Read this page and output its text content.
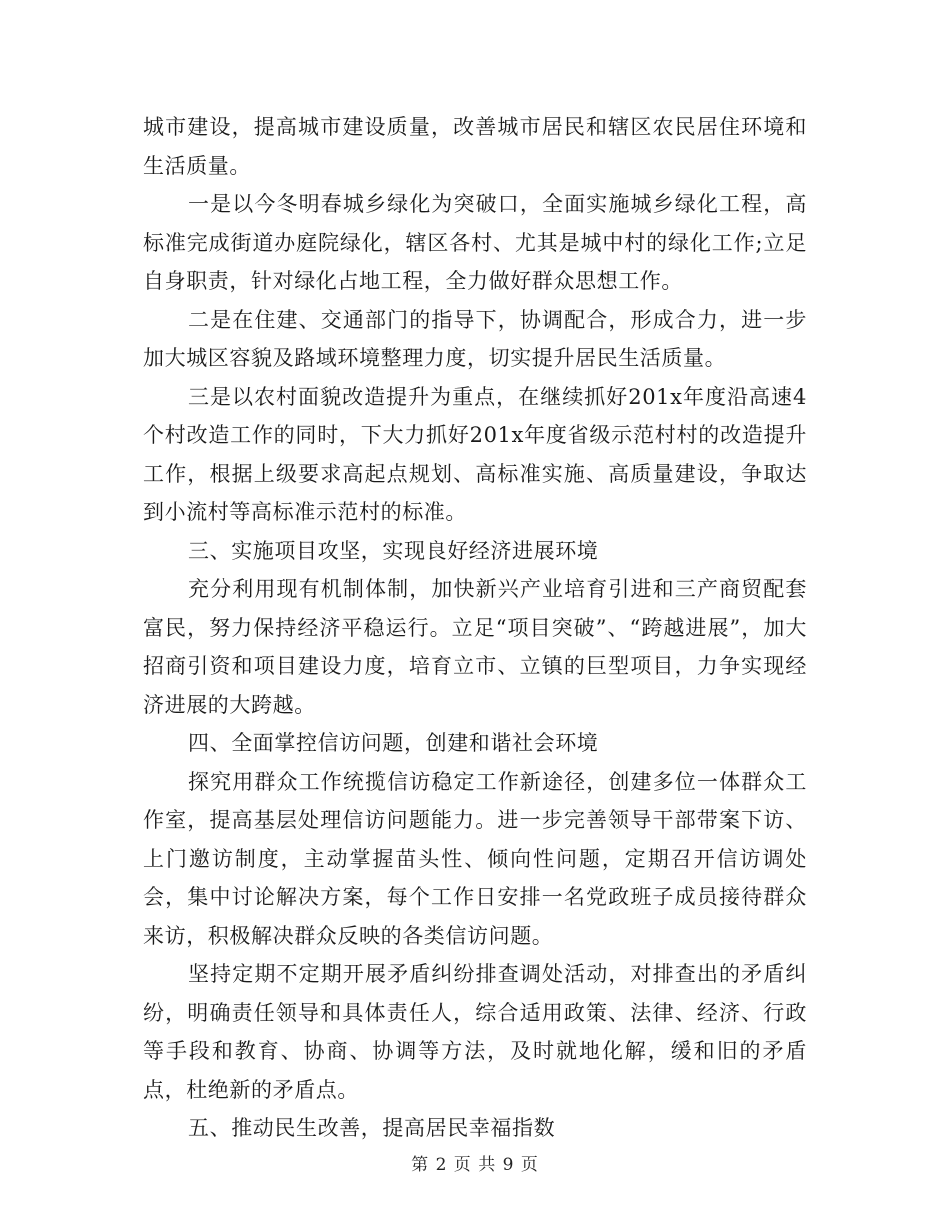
城市建设，提高城市建设质量，改善城市居民和辖区农民居住环境和生活质量。

一是以今冬明春城乡绿化为突破口，全面实施城乡绿化工程，高标准完成街道办庭院绿化，辖区各村、尤其是城中村的绿化工作;立足自身职责，针对绿化占地工程，全力做好群众思想工作。

二是在住建、交通部门的指导下，协调配合，形成合力，进一步加大城区容貌及路域环境整理力度，切实提升居民生活质量。

三是以农村面貌改造提升为重点，在继续抓好201x年度沿高速4个村改造工作的同时，下大力抓好201x年度省级示范村村的改造提升工作，根据上级要求高起点规划、高标准实施、高质量建设，争取达到小流村等高标准示范村的标准。

三、实施项目攻坚，实现良好经济进展环境

充分利用现有机制体制，加快新兴产业培育引进和三产商贸配套富民，努力保持经济平稳运行。立足“项目突破”、“跨越进展”，加大招商引资和项目建设力度，培育立市、立镇的巨型项目，力争实现经济进展的大跨越。

四、全面掌控信访问题，创建和谐社会环境

探究用群众工作统揽信访稳定工作新途径，创建多位一体群众工作室，提高基层处理信访问题能力。进一步完善领导干部带案下访、上门邀访制度，主动掌握苗头性、倾向性问题，定期召开信访调处会，集中讨论解决方案，每个工作日安排一名党政班子成员接待群众来访，积极解决群众反映的各类信访问题。

坚持定期不定期开展矛盾纠纷排查调处活动，对排查出的矛盾纠纷，明确责任领导和具体责任人，综合适用政策、法律、经济、行政等手段和教育、协商、协调等方法，及时就地化解，缓和旧的矛盾点，杜绝新的矛盾点。

五、推动民生改善，提高居民幸福指数

第 2 页 共 9 页
